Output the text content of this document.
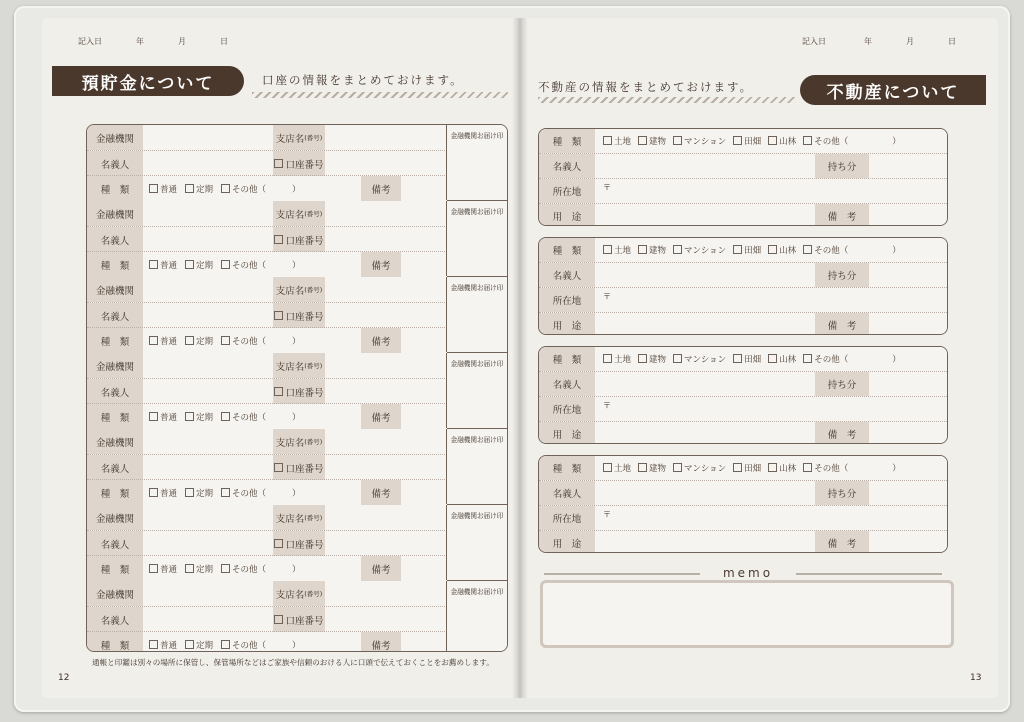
記入日	年	月	日
預貯金について	口座の情報をまとめておけます。
金融機関	支店名 (番号)
名義人	口座番号
種　類	普通	定期	その他（	）	備考
金融機関お届け印
金融機関	支店名 (番号)
名義人	口座番号
種　類	普通	定期	その他（	）	備考
金融機関お届け印
金融機関	支店名 (番号)
名義人	口座番号
種　類	普通	定期	その他（	）	備考
金融機関お届け印
金融機関	支店名 (番号)
名義人	口座番号
種　類	普通	定期	その他（	）	備考
金融機関お届け印
金融機関	支店名 (番号)
名義人	口座番号
種　類	普通	定期	その他（	）	備考
金融機関お届け印
金融機関	支店名 (番号)
名義人	口座番号
種　類	普通	定期	その他（	）	備考
金融機関お届け印
金融機関	支店名 (番号)
名義人	口座番号
種　類	普通	定期	その他（	）	備考
金融機関お届け印
通帳と印鑑は別々の場所に保管し、保管場所などはご家族や信頼のおける人に口頭で伝えておくことをお薦めします。
12
記入日	年	月	日
不動産の情報をまとめておけます。	不動産について
種　類	土地	建物	マンション	田畑	山林	その他（	）
名義人	持ち分
所在地	〒
用　途	備　考
種　類	土地	建物	マンション	田畑	山林	その他（	）
名義人	持ち分
所在地	〒
用　途	備　考
種　類	土地	建物	マンション	田畑	山林	その他（	）
名義人	持ち分
所在地	〒
用　途	備　考
種　類	土地	建物	マンション	田畑	山林	その他（	）
名義人	持ち分
所在地	〒
用　途	備　考
memo
13
